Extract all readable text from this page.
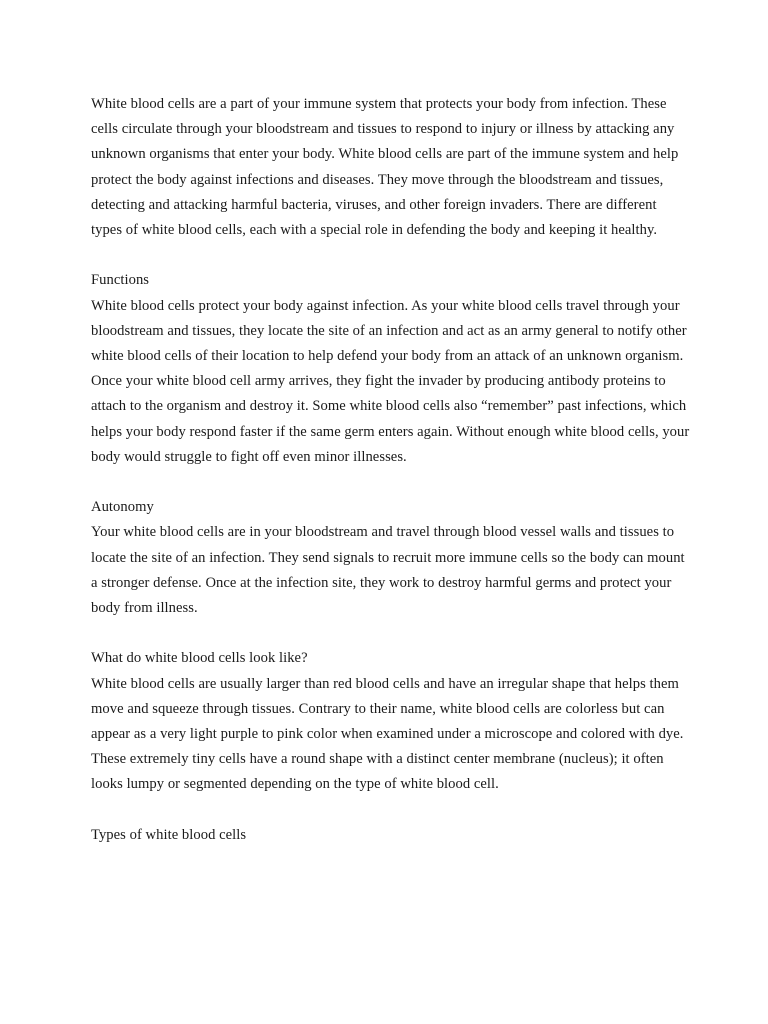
White blood cells are a part of your immune system that protects your body from infection. These cells circulate through your bloodstream and tissues to respond to injury or illness by attacking any unknown organisms that enter your body. White blood cells are part of the immune system and help protect the body against infections and diseases. They move through the bloodstream and tissues, detecting and attacking harmful bacteria, viruses, and other foreign invaders. There are different types of white blood cells, each with a special role in defending the body and keeping it healthy.

Functions
White blood cells protect your body against infection. As your white blood cells travel through your bloodstream and tissues, they locate the site of an infection and act as an army general to notify other white blood cells of their location to help defend your body from an attack of an unknown organism. Once your white blood cell army arrives, they fight the invader by producing antibody proteins to attach to the organism and destroy it. Some white blood cells also “remember” past infections, which helps your body respond faster if the same germ enters again. Without enough white blood cells, your body would struggle to fight off even minor illnesses.
Autonomy
Your white blood cells are in your bloodstream and travel through blood vessel walls and tissues to locate the site of an infection. They send signals to recruit more immune cells so the body can mount a stronger defense. Once at the infection site, they work to destroy harmful germs and protect your body from illness.
What do white blood cells look like?
White blood cells are usually larger than red blood cells and have an irregular shape that helps them move and squeeze through tissues. Contrary to their name, white blood cells are colorless but can appear as a very light purple to pink color when examined under a microscope and colored with dye. These extremely tiny cells have a round shape with a distinct center membrane (nucleus); it often looks lumpy or segmented depending on the type of white blood cell.
Types of white blood cells
